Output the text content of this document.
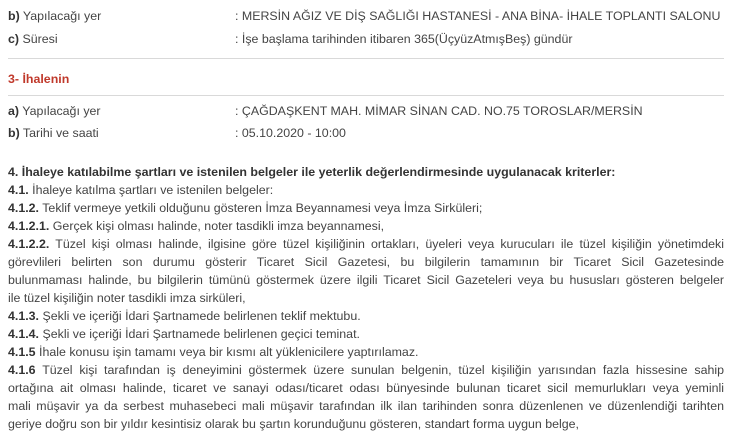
b) Yapılacağı yer	: MERSİN AĞIZ VE DİŞ SAĞLIĞI HASTANESİ - ANA BİNA- İHALE TOPLANTI SALONU
c) Süresi	: İşe başlama tarihinden itibaren 365(ÜçyüzAtmışBeş) gündür
3- İhalenin
a) Yapılacağı yer	: ÇAĞDAŞKENT MAH. MİMAR SİNAN CAD. NO.75 TOROSLAR/MERSİN
b) Tarihi ve saati	: 05.10.2020 - 10:00
4. İhaleye katılabilme şartları ve istenilen belgeler ile yeterlik değerlendirmesinde uygulanacak kriterler:
4.1. İhaleye katılma şartları ve istenilen belgeler:
4.1.2. Teklif vermeye yetkili olduğunu gösteren İmza Beyannamesi veya İmza Sirküleri;
4.1.2.1. Gerçek kişi olması halinde, noter tasdikli imza beyannamesi,
4.1.2.2. Tüzel kişi olması halinde, ilgisine göre tüzel kişiliğinin ortakları, üyeleri veya kurucuları ile tüzel kişiliğin yönetimdeki
görevlileri belirten son durumu gösterir Ticaret Sicil Gazetesi, bu bilgilerin tamamının bir Ticaret Sicil Gazetesinde
bulunmaması halinde, bu bilgilerin tümünü göstermek üzere ilgili Ticaret Sicil Gazeteleri veya bu hususları gösteren belgeler
ile tüzel kişiliğin noter tasdikli imza sirküleri,
4.1.3. Şekli ve içeriği İdari Şartnamede belirlenen teklif mektubu.
4.1.4. Şekli ve içeriği İdari Şartnamede belirlenen geçici teminat.
4.1.5 İhale konusu işin tamamı veya bir kısmı alt yüklenicilere yaptırılamaz.
4.1.6 Tüzel kişi tarafından iş deneyimini göstermek üzere sunulan belgenin, tüzel kişiliğin yarısından fazla hissesine sahip
ortağına ait olması halinde, ticaret ve sanayi odası/ticaret odası bünyesinde bulunan ticaret sicil memurlukları veya yeminli
mali müşavir ya da serbest muhasebeci mali müşavir tarafından ilk ilan tarihinden sonra düzenlenen ve düzenlendiği tarihten
geriye doğru son bir yıldır kesintisiz olarak bu şartın korunduğunu gösteren, standart forma uygun belge,
